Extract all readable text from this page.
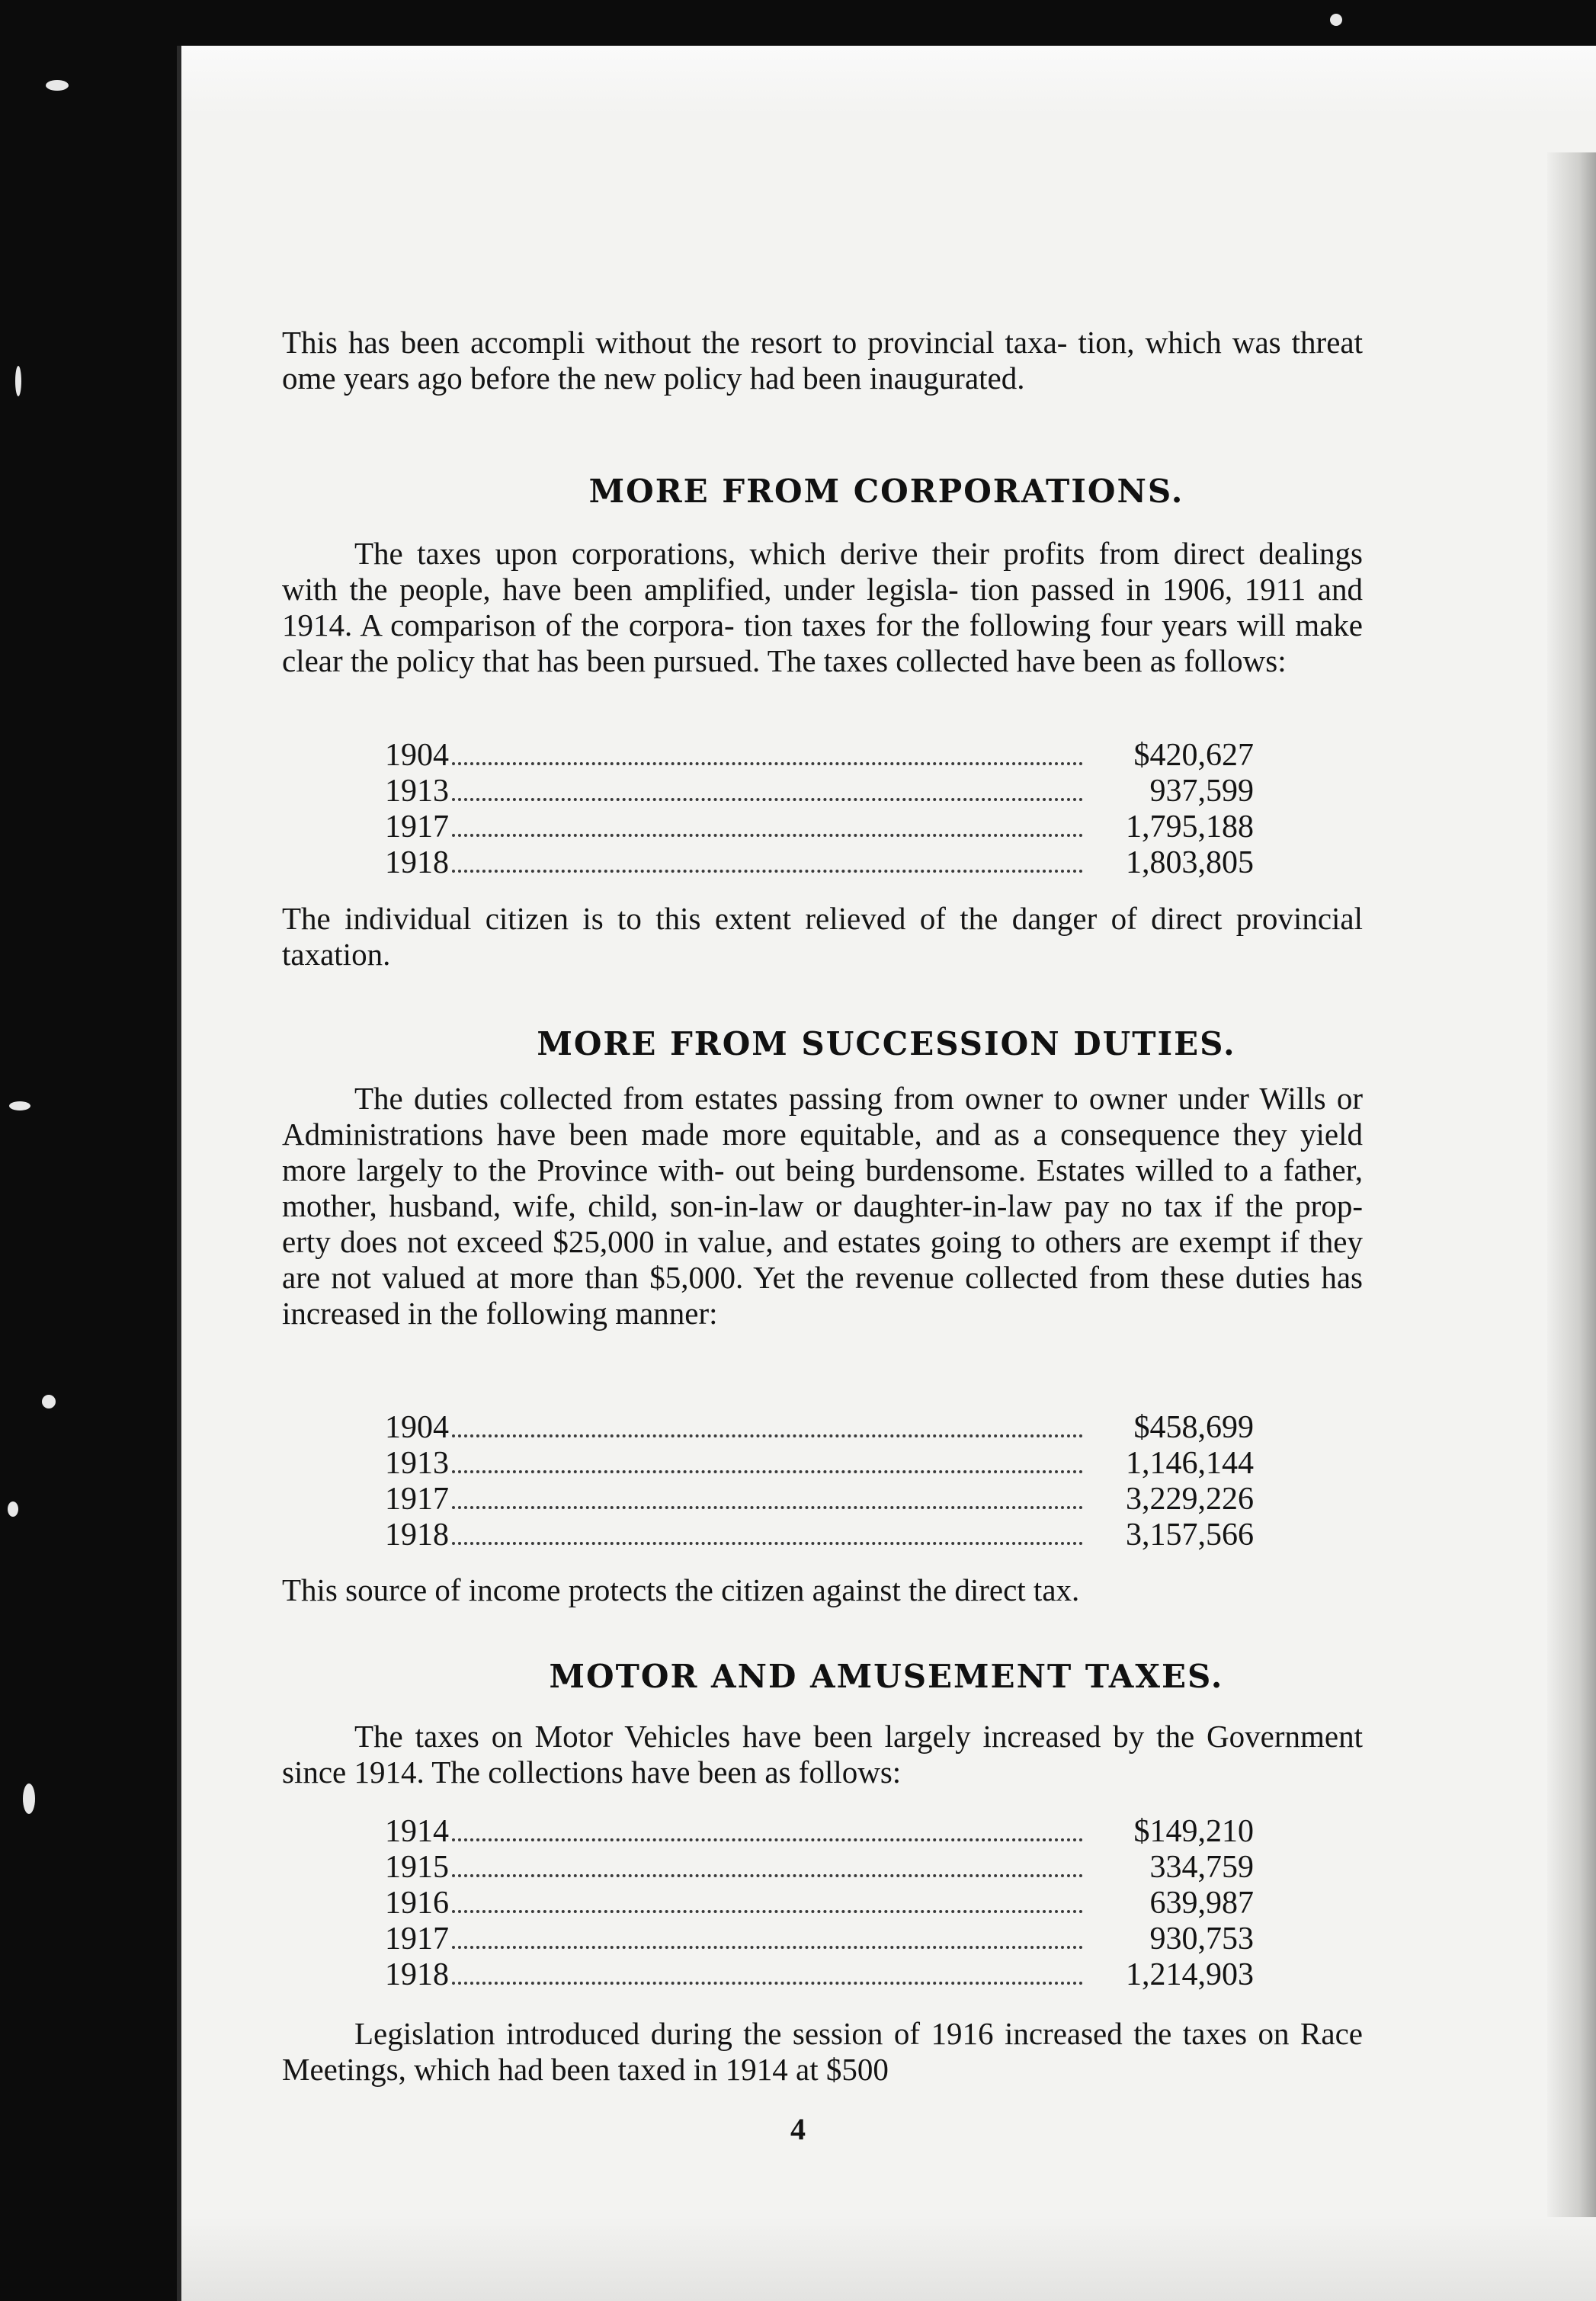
This has been accompli without the resort to provincial taxa- tion, which was threat ome years ago before the new policy had been inaugurated.

MORE FROM CORPORATIONS.

The taxes upon corporations, which derive their profits from direct dealings with the people, have been amplified, under legisla- tion passed in 1906, 1911 and 1914. A comparison of the corpora- tion taxes for the following four years will make clear the policy that has been pursued. The taxes collected have been as follows:

1904	$420,627
1913	937,599
1917	1,795,188
1918	1,803,805

The individual citizen is to this extent relieved of the danger of direct provincial taxation.

MORE FROM SUCCESSION DUTIES.

The duties collected from estates passing from owner to owner under Wills or Administrations have been made more equitable, and as a consequence they yield more largely to the Province with- out being burdensome. Estates willed to a father, mother, husband, wife, child, son-in-law or daughter-in-law pay no tax if the prop- erty does not exceed $25,000 in value, and estates going to others are exempt if they are not valued at more than $5,000. Yet the revenue collected from these duties has increased in the following manner:

1904	$458,699
1913	1,146,144
1917	3,229,226
1918	3,157,566

This source of income protects the citizen against the direct tax.

MOTOR AND AMUSEMENT TAXES.

The taxes on Motor Vehicles have been largely increased by the Government since 1914. The collections have been as follows:

1914	$149,210
1915	334,759
1916	639,987
1917	930,753
1918	1,214,903

Legislation introduced during the session of 1916 increased the taxes on Race Meetings, which had been taxed in 1914 at $500

4
